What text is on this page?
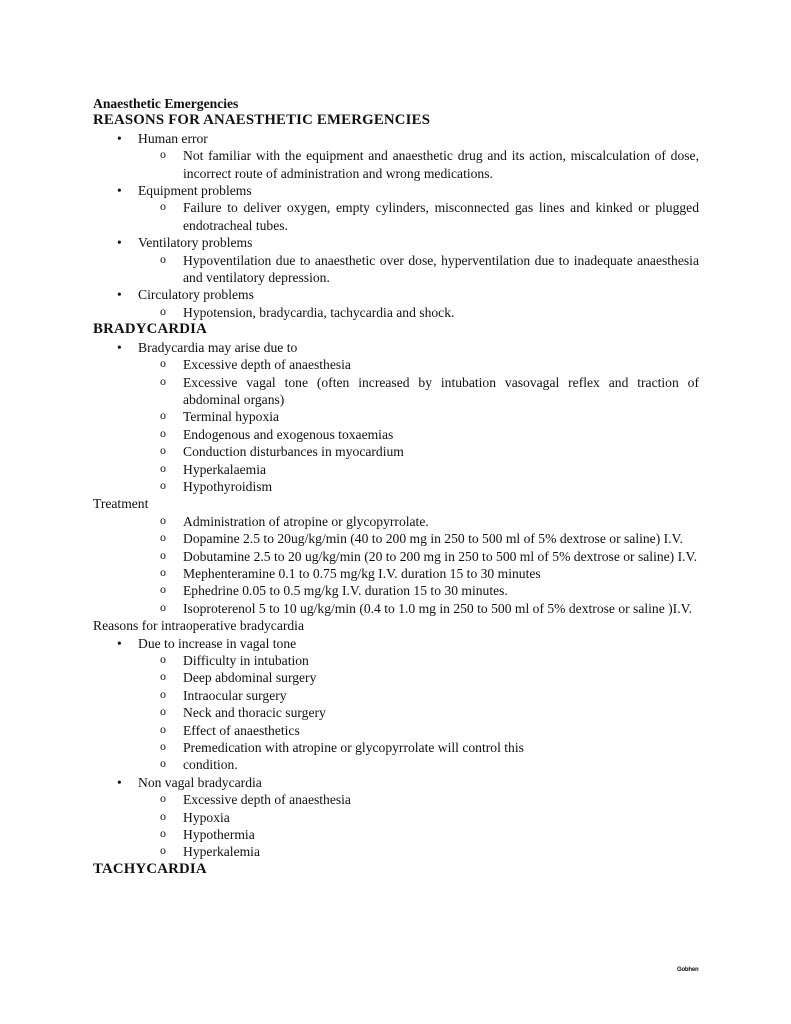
Anaesthetic Emergencies
REASONS FOR ANAESTHETIC EMERGENCIES
• Human error
o Not familiar with the equipment and anaesthetic drug and its action, miscalculation of dose, incorrect route of administration and wrong medications.
• Equipment problems
o Failure to deliver oxygen, empty cylinders, misconnected gas lines and kinked or plugged endotracheal tubes.
• Ventilatory problems
o Hypoventilation due to anaesthetic over dose, hyperventilation due to inadequate anaesthesia and ventilatory depression.
• Circulatory problems
o Hypotension, bradycardia, tachycardia and shock.
BRADYCARDIA
• Bradycardia may arise due to
o Excessive depth of anaesthesia
o Excessive vagal tone (often increased by intubation vasovagal reflex and traction of abdominal organs)
o Terminal hypoxia
o Endogenous and exogenous toxaemias
o Conduction disturbances in myocardium
o Hyperkalaemia
o Hypothyroidism
Treatment
o Administration of atropine or glycopyrrolate.
o Dopamine 2.5 to 20ug/kg/min (40 to 200 mg in 250 to 500 ml of 5% dextrose or saline) I.V.
o Dobutamine 2.5 to 20 ug/kg/min (20 to 200 mg in 250 to 500 ml of 5% dextrose or saline) I.V.
o Mephenteramine 0.1 to 0.75 mg/kg I.V. duration 15 to 30 minutes
o Ephedrine 0.05 to 0.5 mg/kg I.V. duration 15 to 30 minutes.
o Isoproterenol 5 to 10 ug/kg/min (0.4 to 1.0 mg in 250 to 500 ml of 5% dextrose or saline )I.V.
Reasons for intraoperative bradycardia
• Due to increase in vagal tone
o Difficulty in intubation
o Deep abdominal surgery
o Intraocular surgery
o Neck and thoracic surgery
o Effect of anaesthetics
o Premedication with atropine or glycopyrrolate will control this
o condition.
• Non vagal bradycardia
o Excessive depth of anaesthesia
o Hypoxia
o Hypothermia
o Hyperkalemia
TACHYCARDIA
Gobhen
